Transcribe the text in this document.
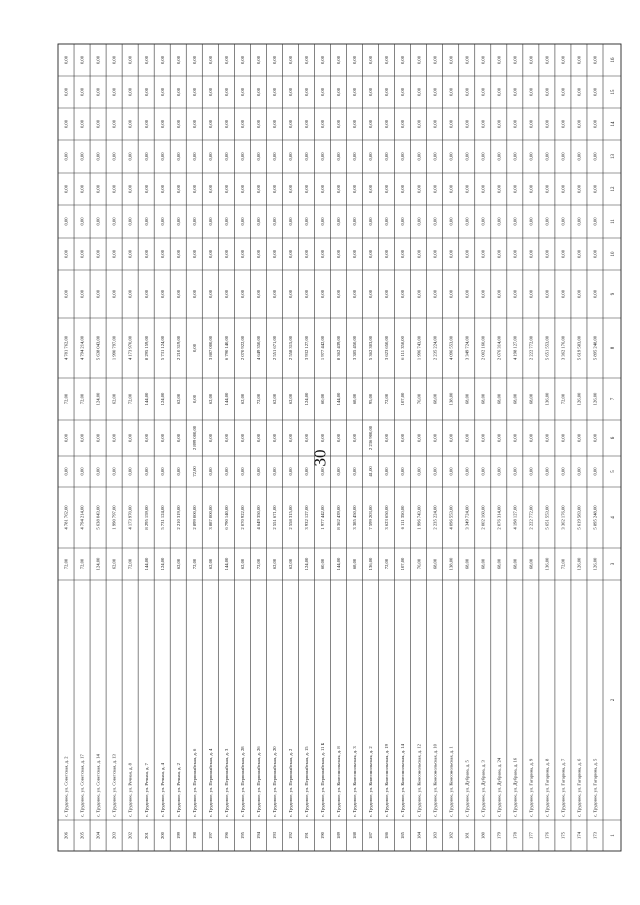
30
1
2
3
4
5
6
7
8
9
10
11
12
13
14
15
16
173
с. Трудовое, ул. Гагарина, д. 5
126,00
5 895 248,00
0,00
0,00
126,00
5 895 248,00
0,00
0,00
0,00
0,00
0,00
0,00
0,00
0,00
174
с. Трудовое, ул. Гагарина, д. 6
126,00
5 619 583,00
0,00
0,00
126,00
5 619 583,00
0,00
0,00
0,00
0,00
0,00
0,00
0,00
0,00
175
с. Трудовое, ул. Гагарина, д. 7
72,00
3 362 176,00
0,00
0,00
72,00
3 362 176,00
0,00
0,00
0,00
0,00
0,00
0,00
0,00
0,00
176
с. Трудовое, ул. Гагарина, д. 8
136,00
5 651 553,00
0,00
0,00
136,00
5 651 553,00
0,00
0,00
0,00
0,00
0,00
0,00
0,00
0,00
177
с. Трудовое, ул. Гагарина, д. 9
68,00
2 222 772,00
0,00
0,00
68,00
2 222 772,00
0,00
0,00
0,00
0,00
0,00
0,00
0,00
0,00
178
с. Трудовое, ул. Дубрава, д. 16
68,00
4 198 127,00
0,00
0,00
68,00
4 198 127,00
0,00
0,00
0,00
0,00
0,00
0,00
0,00
0,00
179
с. Трудовое, ул. Дубрава, д. 24
68,00
2 076 314,00
0,00
0,00
68,00
2 076 314,00
0,00
0,00
0,00
0,00
0,00
0,00
0,00
0,00
180
с. Трудовое, ул. Дубрава, д. 3
68,00
2 002 160,00
0,00
0,00
68,00
2 002 160,00
0,00
0,00
0,00
0,00
0,00
0,00
0,00
0,00
181
с. Трудовое, ул. Дубрава, д. 5
68,00
3 349 724,00
0,00
0,00
68,00
3 349 724,00
0,00
0,00
0,00
0,00
0,00
0,00
0,00
0,00
182
с. Трудовое, ул. Комсомольская, д. 1
138,00
4 096 553,00
0,00
0,00
138,00
4 096 553,00
0,00
0,00
0,00
0,00
0,00
0,00
0,00
0,00
183
с. Трудовое, ул. Комсомольская, д. 10
68,00
2 235 224,00
0,00
0,00
68,00
2 235 224,00
0,00
0,00
0,00
0,00
0,00
0,00
0,00
0,00
184
с. Трудовое, ул. Комсомольская, д. 12
76,00
1 996 743,00
0,00
0,00
76,00
1 996 743,00
0,00
0,00
0,00
0,00
0,00
0,00
0,00
0,00
185
с. Трудовое, ул. Комсомольская, д. 14
107,00
6 111 350,00
0,00
0,00
107,00
6 111 350,00
0,00
0,00
0,00
0,00
0,00
0,00
0,00
0,00
186
с. Трудовое, ул. Комсомольская, д. 19
72,00
3 623 650,00
0,00
0,00
72,00
3 623 650,00
0,00
0,00
0,00
0,00
0,00
0,00
0,00
0,00
187
с. Трудовое, ул. Комсомольская, д. 2
136,00
7 599 203,00
41,00
2 236 900,00
95,00
5 362 303,00
0,00
0,00
0,00
0,00
0,00
0,00
0,00
0,00
188
с. Трудовое, ул. Комсомольская, д. 3
68,00
3 385 450,00
0,00
0,00
68,00
3 385 450,00
0,00
0,00
0,00
0,00
0,00
0,00
0,00
0,00
189
с. Трудовое, ул. Комсомольская, д. 8
144,00
8 362 439,00
0,00
0,00
144,00
8 362 439,00
0,00
0,00
0,00
0,00
0,00
0,00
0,00
0,00
190
с. Трудовое, ул. Первомайская, д. 11 Б
60,00
1 977 442,00
0,00
0,00
60,00
1 977 442,00
0,00
0,00
0,00
0,00
0,00
0,00
0,00
0,00
191
с. Трудовое, ул. Первомайская, д. 15
124,00
3 932 127,00
0,00
0,00
124,00
3 932 127,00
0,00
0,00
0,00
0,00
0,00
0,00
0,00
0,00
192
с. Трудовое, ул. Первомайская, д. 2
62,00
2 558 315,00
0,00
0,00
62,00
2 558 315,00
0,00
0,00
0,00
0,00
0,00
0,00
0,00
0,00
193
с. Трудовое, ул. Первомайская, д. 20
62,00
2 551 671,00
0,00
0,00
62,00
2 551 671,00
0,00
0,00
0,00
0,00
0,00
0,00
0,00
0,00
194
с. Трудовое, ул. Первомайская, д. 26
72,00
4 649 350,00
0,00
0,00
72,00
4 649 350,00
0,00
0,00
0,00
0,00
0,00
0,00
0,00
0,00
195
с. Трудовое, ул. Первомайская, д. 28
62,00
2 070 922,00
0,00
0,00
62,00
2 070 922,00
0,00
0,00
0,00
0,00
0,00
0,00
0,00
0,00
196
с. Трудовое, ул. Первомайская, д. 3
144,00
6 790 140,00
0,00
0,00
144,00
6 790 140,00
0,00
0,00
0,00
0,00
0,00
0,00
0,00
0,00
197
с. Трудовое, ул. Первомайская, д. 4
62,00
3 887 000,00
0,00
0,00
62,00
3 887 000,00
0,00
0,00
0,00
0,00
0,00
0,00
0,00
0,00
198
с. Трудовое, ул. Первомайская, д. 6
72,00
2 899 000,00
72,00
2 899 000,00
0,00
0,00
0,00
0,00
0,00
0,00
0,00
0,00
0,00
0,00
199
с. Трудовое, ул. Речная, д. 2
62,00
2 210 319,00
0,00
0,00
62,00
2 210 319,00
0,00
0,00
0,00
0,00
0,00
0,00
0,00
0,00
200
с. Трудовое, ул. Речная, д. 4
124,00
5 731 124,00
0,00
0,00
124,00
5 731 124,00
0,00
0,00
0,00
0,00
0,00
0,00
0,00
0,00
201
с. Трудовое, ул. Речная, д. 7
144,00
8 295 159,00
0,00
0,00
144,00
8 295 159,00
0,00
0,00
0,00
0,00
0,00
0,00
0,00
0,00
202
с. Трудовое, ул. Речная, д. 8
72,00
4 173 970,00
0,00
0,00
72,00
4 173 970,00
0,00
0,00
0,00
0,00
0,00
0,00
0,00
0,00
203
с. Трудовое, ул. Советская, д. 13
62,00
1 990 797,00
0,00
0,00
62,00
1 990 797,00
0,00
0,00
0,00
0,00
0,00
0,00
0,00
0,00
204
с. Трудовое, ул. Советская, д. 14
124,00
5 638 043,00
0,00
0,00
124,00
5 638 043,00
0,00
0,00
0,00
0,00
0,00
0,00
0,00
0,00
205
с. Трудовое, ул. Советская, д. 17
72,00
4 794 214,00
0,00
0,00
72,00
4 794 214,00
0,00
0,00
0,00
0,00
0,00
0,00
0,00
0,00
206
с. Трудовое, ул. Советская, д. 2
72,00
4 781 762,00
0,00
0,00
72,00
4 781 762,00
0,00
0,00
0,00
0,00
0,00
0,00
0,00
0,00
